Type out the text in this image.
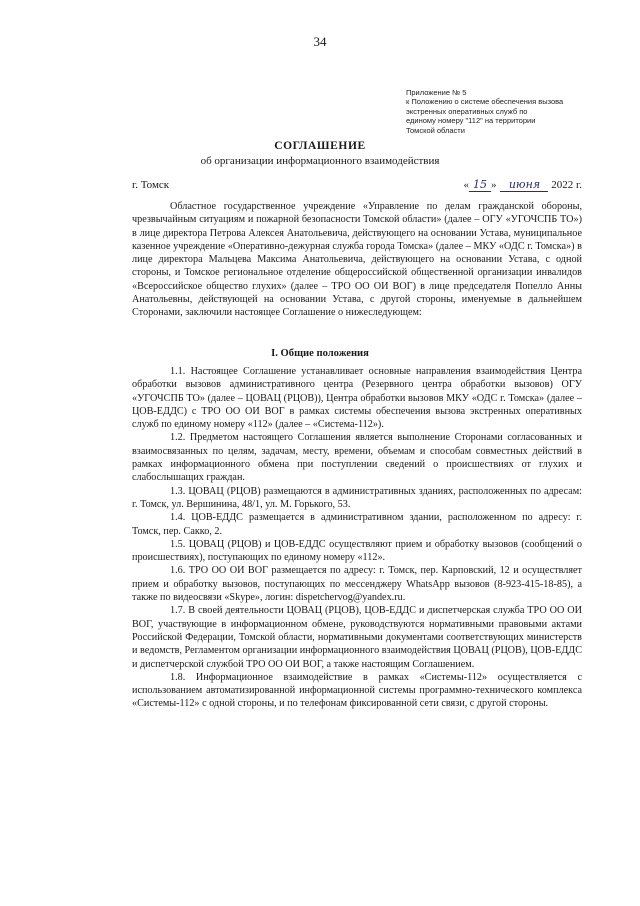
34
Приложение № 5
к Положению о системе обеспечения вызова
экстренных оперативных служб по
единому номеру "112" на территории
Томской области
СОГЛАШЕНИЕ
об организации информационного взаимодействия
г. Томск	« 15 » июня 2022 г.

Областное государственное учреждение «Управление по делам гражданской обороны, чрезвычайным ситуациям и пожарной безопасности Томской области» (далее – ОГУ «УГОЧСПБ ТО») в лице директора Петрова Алексея Анатольевича, действующего на основании Устава, муниципальное казенное учреждение «Оперативно-дежурная служба города Томска» (далее – МКУ «ОДС г. Томска») в лице директора Мальцева Максима Анатольевича, действующего на основании Устава, с одной стороны, и Томское региональное отделение общероссийской общественной организации инвалидов «Всероссийское общество глухих» (далее – ТРО ОО ОИ ВОГ) в лице председателя Попелло Анны Анатольевны, действующей на основании Устава, с другой стороны, именуемые в дальнейшем Сторонами, заключили настоящее Соглашение о нижеследующем:

I. Общие положения

1.1. Настоящее Соглашение устанавливает основные направления взаимодействия Центра обработки вызовов административного центра (Резервного центра обработки вызовов) ОГУ «УГОЧСПБ ТО» (далее – ЦОВАЦ (РЦОВ)), Центра обработки вызовов МКУ «ОДС г. Томска» (далее – ЦОВ-ЕДДС) с ТРО ОО ОИ ВОГ в рамках системы обеспечения вызова экстренных оперативных служб по единому номеру «112» (далее – «Система-112»).

1.2. Предметом настоящего Соглашения является выполнение Сторонами согласованных и взаимосвязанных по целям, задачам, месту, времени, объемам и способам совместных действий в рамках информационного обмена при поступлении сведений о происшествиях от глухих и слабослышащих граждан.

1.3. ЦОВАЦ (РЦОВ) размещаются в административных зданиях, расположенных по адресам: г. Томск, ул. Вершинина, 48/1, ул. М. Горького, 53.

1.4. ЦОВ-ЕДДС размещается в административном здании, расположенном по адресу: г. Томск, пер. Сакко, 2.

1.5. ЦОВАЦ (РЦОВ) и ЦОВ-ЕДДС осуществляют прием и обработку вызовов (сообщений о происшествиях), поступающих по единому номеру «112».

1.6. ТРО ОО ОИ ВОГ размещается по адресу: г. Томск, пер. Карповский, 12 и осуществляет прием и обработку вызовов, поступающих по мессенджеру WhatsApp вызовов (8-923-415-18-85), а также по видеосвязи «Skype», логин: dispetchervog@yandex.ru.

1.7. В своей деятельности ЦОВАЦ (РЦОВ), ЦОВ-ЕДДС и диспетчерская служба ТРО ОО ОИ ВОГ, участвующие в информационном обмене, руководствуются нормативными правовыми актами Российской Федерации, Томской области, нормативными документами соответствующих министерств и ведомств, Регламентом организации информационного взаимодействия ЦОВАЦ (РЦОВ), ЦОВ-ЕДДС и диспетчерской службой ТРО ОО ОИ ВОГ, а также настоящим Соглашением.

1.8. Информационное взаимодействие в рамках «Системы-112» осуществляется с использованием автоматизированной информационной системы программно-технического комплекса «Системы-112» с одной стороны, и по телефонам фиксированной сети связи, с другой стороны.
